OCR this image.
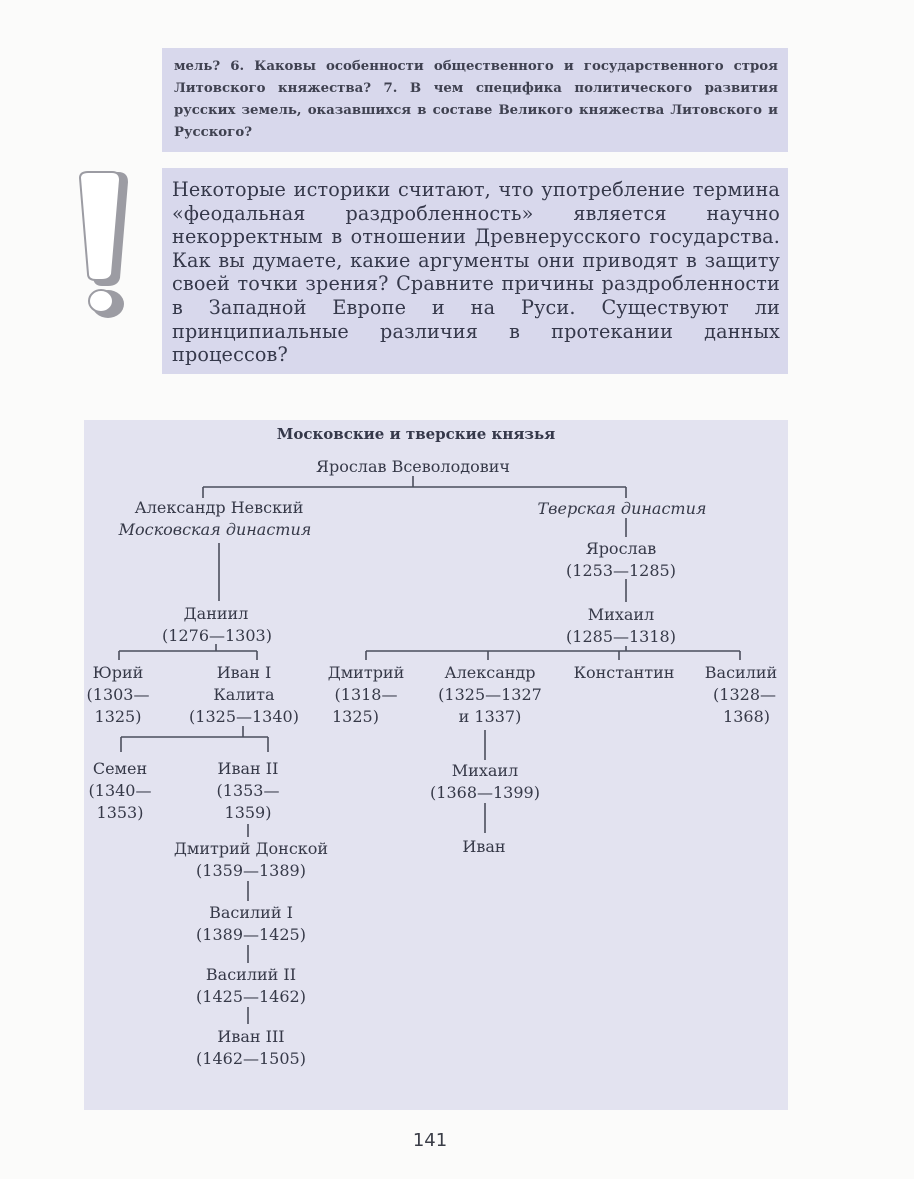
мель? 6. Каковы особенности общественного и государственного строя Литовского княжества? 7. В чем специфика политического развития русских земель, оказавшихся в составе Великого княжества Литовского и Русского?
Некоторые историки считают, что употребление термина «феодальная раздробленность» является научно некорректным в отношении Древнерусского государства. Как вы думаете, какие аргументы они приводят в защиту своей точки зрения? Сравните причины раздробленности в Западной Европе и на Руси. Существуют ли принципиальные различия в протекании данных процессов?
Московские и тверские князья
Ярослав Всеволодович
Александр Невский
Московская династия
Даниил
(1276—1303)
Юрий
(1303—
1325)
Иван I
Калита
(1325—1340)
Семен
(1340—
1353)
Иван II
(1353—
1359)
Дмитрий Донской
(1359—1389)
Василий I
(1389—1425)
Василий II
(1425—1462)
Иван III
(1462—1505)
Тверская династия
Ярослав
(1253—1285)
Михаил
(1285—1318)
Дмитрий
(1318—
1325)
Александр
(1325—1327
и 1337)
Константин	Василий
(1328—
1368)
Михаил
(1368—1399)
Иван
141
